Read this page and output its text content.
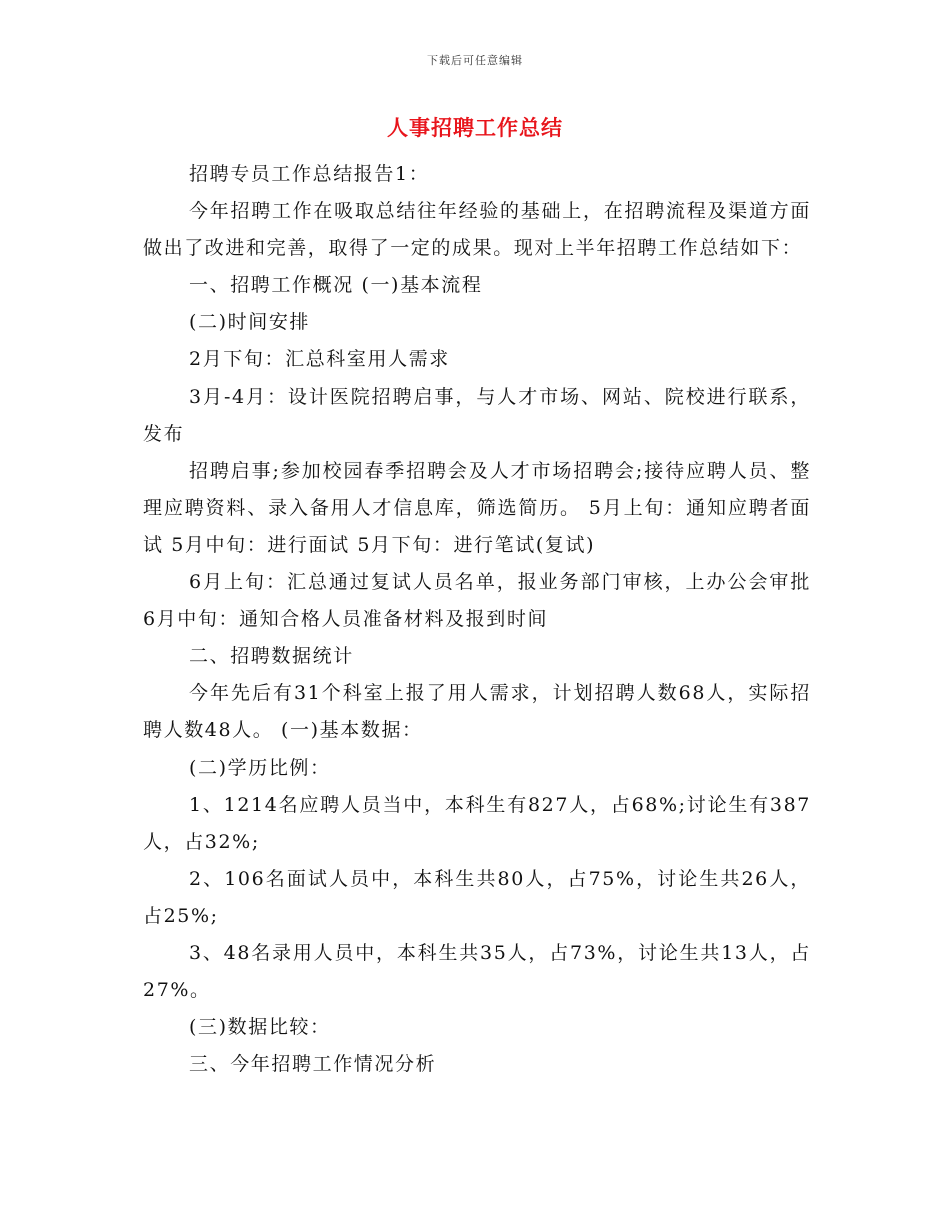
下载后可任意编辑
人事招聘工作总结

招聘专员工作总结报告1：

今年招聘工作在吸取总结往年经验的基础上，在招聘流程及渠道方面做出了改进和完善，取得了一定的成果。现对上半年招聘工作总结如下：

一、招聘工作概况 (一)基本流程

(二)时间安排

2月下旬：汇总科室用人需求

3月-4月：设计医院招聘启事，与人才市场、网站、院校进行联系，发布

招聘启事;参加校园春季招聘会及人才市场招聘会;接待应聘人员、整理应聘资料、录入备用人才信息库，筛选简历。 5月上旬：通知应聘者面试 5月中旬：进行面试 5月下旬：进行笔试(复试)

6月上旬：汇总通过复试人员名单，报业务部门审核，上办公会审批 6月中旬：通知合格人员准备材料及报到时间

二、招聘数据统计

今年先后有31个科室上报了用人需求，计划招聘人数68人，实际招聘人数48人。 (一)基本数据：

(二)学历比例：

1、1214名应聘人员当中，本科生有827人，占68%;讨论生有387人，占32%;

2、106名面试人员中，本科生共80人，占75%，讨论生共26人，占25%;

3、48名录用人员中，本科生共35人，占73%，讨论生共13人，占27%。

(三)数据比较：

三、今年招聘工作情况分析
